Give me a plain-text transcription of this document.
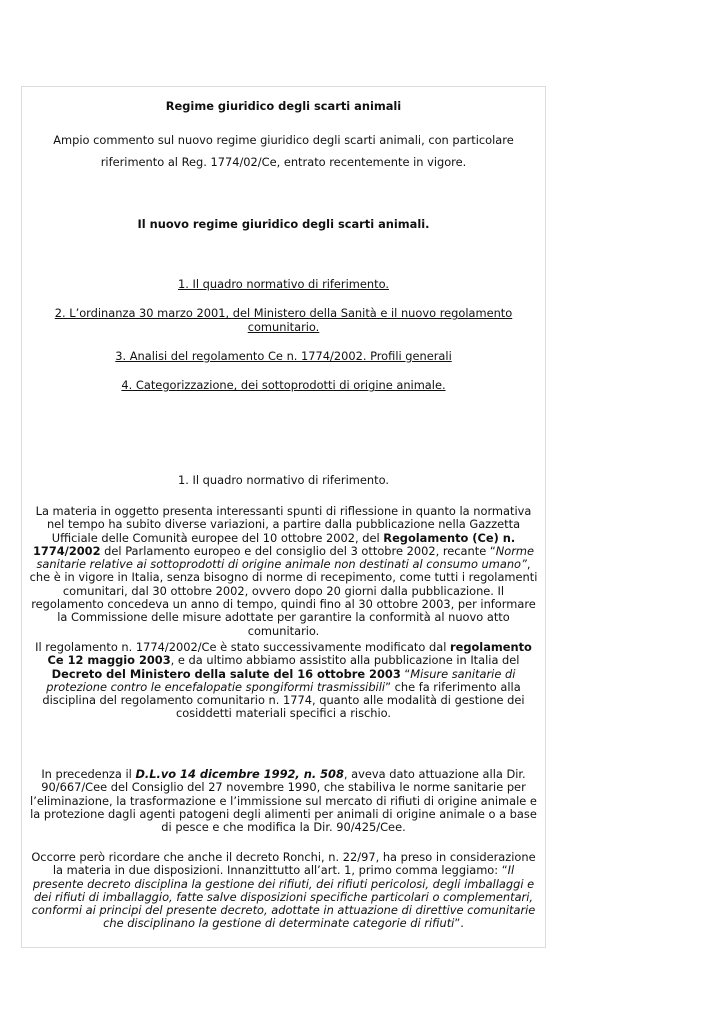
Regime giuridico degli scarti animali
Ampio commento sul nuovo regime giuridico degli scarti animali, con particolare riferimento al Reg. 1774/02/Ce, entrato recentemente in vigore.
Il nuovo regime giuridico degli scarti animali.
1. Il quadro normativo di riferimento.
2. L’ordinanza 30 marzo 2001, del Ministero della Sanità e il nuovo regolamento comunitario.
3. Analisi del regolamento Ce n. 1774/2002. Profili generali
4. Categorizzazione, dei sottoprodotti di origine animale.
1. Il quadro normativo di riferimento.
La materia in oggetto presenta interessanti spunti di riflessione in quanto la normativa nel tempo ha subito diverse variazioni, a partire dalla pubblicazione nella Gazzetta Ufficiale delle Comunità europee del 10 ottobre 2002, del Regolamento (Ce) n. 1774/2002 del Parlamento europeo e del consiglio del 3 ottobre 2002, recante “Norme sanitarie relative ai sottoprodotti di origine animale non destinati al consumo umano”, che è in vigore in Italia, senza bisogno di norme di recepimento, come tutti i regolamenti comunitari, dal 30 ottobre 2002, ovvero dopo 20 giorni dalla pubblicazione. Il regolamento concedeva un anno di tempo, quindi fino al 30 ottobre 2003, per informare la Commissione delle misure adottate per garantire la conformità al nuovo atto comunitario.
Il regolamento n. 1774/2002/Ce è stato successivamente modificato dal regolamento Ce 12 maggio 2003, e da ultimo abbiamo assistito alla pubblicazione in Italia del Decreto del Ministero della salute del 16 ottobre 2003 “Misure sanitarie di protezione contro le encefalopatie spongiformi trasmissibili” che fa riferimento alla disciplina del regolamento comunitario n. 1774, quanto alle modalità di gestione dei cosiddetti materiali specifici a rischio.
In precedenza il D.L.vo 14 dicembre 1992, n. 508, aveva dato attuazione alla Dir. 90/667/Cee del Consiglio del 27 novembre 1990, che stabiliva le norme sanitarie per l’eliminazione, la trasformazione e l’immissione sul mercato di rifiuti di origine animale e la protezione dagli agenti patogeni degli alimenti per animali di origine animale o a base di pesce e che modifica la Dir. 90/425/Cee.
Occorre però ricordare che anche il decreto Ronchi, n. 22/97, ha preso in considerazione la materia in due disposizioni. Innanzittutto all’art. 1, primo comma leggiamo: “Il presente decreto disciplina la gestione dei rifiuti, dei rifiuti pericolosi, degli imballaggi e dei rifiuti di imballaggio, fatte salve disposizioni specifiche particolari o complementari, conformi ai principi del presente decreto, adottate in attuazione di direttive comunitarie che disciplinano la gestione di determinate categorie di rifiuti”.
